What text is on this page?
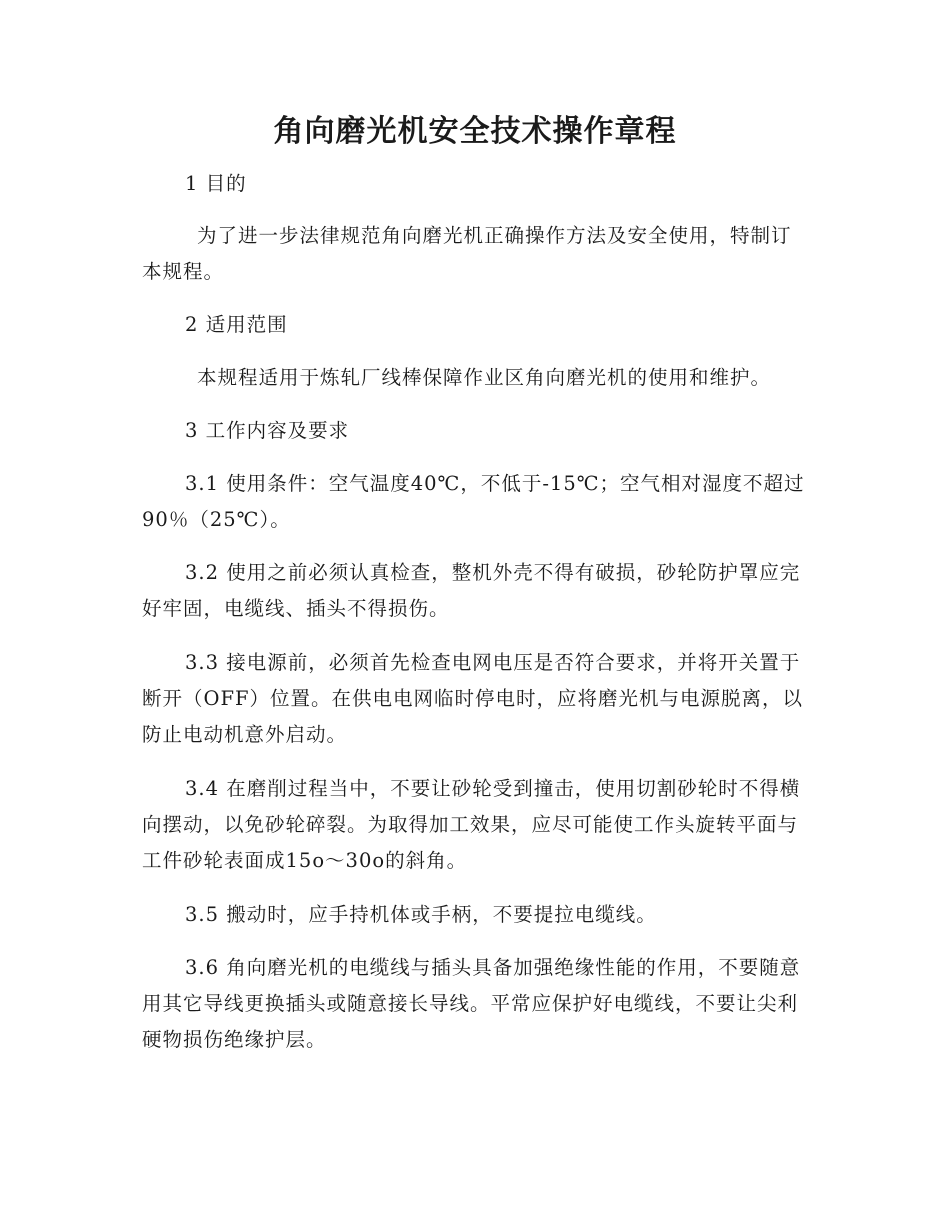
角向磨光机安全技术操作章程

1 目的

为了进一步法律规范角向磨光机正确操作方法及安全使用，特制订本规程。

2 适用范围

本规程适用于炼轧厂线棒保障作业区角向磨光机的使用和维护。

3 工作内容及要求

3.1 使用条件：空气温度40℃，不低于-15℃；空气相对湿度不超过90％（25℃）。

3.2 使用之前必须认真检查，整机外壳不得有破损，砂轮防护罩应完好牢固，电缆线、插头不得损伤。

3.3 接电源前，必须首先检查电网电压是否符合要求，并将开关置于断开（OFF）位置。在供电电网临时停电时，应将磨光机与电源脱离，以防止电动机意外启动。

3.4 在磨削过程当中，不要让砂轮受到撞击，使用切割砂轮时不得横向摆动，以免砂轮碎裂。为取得加工效果，应尽可能使工作头旋转平面与工件砂轮表面成15o～30o的斜角。

3.5 搬动时，应手持机体或手柄，不要提拉电缆线。

3.6 角向磨光机的电缆线与插头具备加强绝缘性能的作用，不要随意用其它导线更换插头或随意接长导线。平常应保护好电缆线，不要让尖利硬物损伤绝缘护层。
